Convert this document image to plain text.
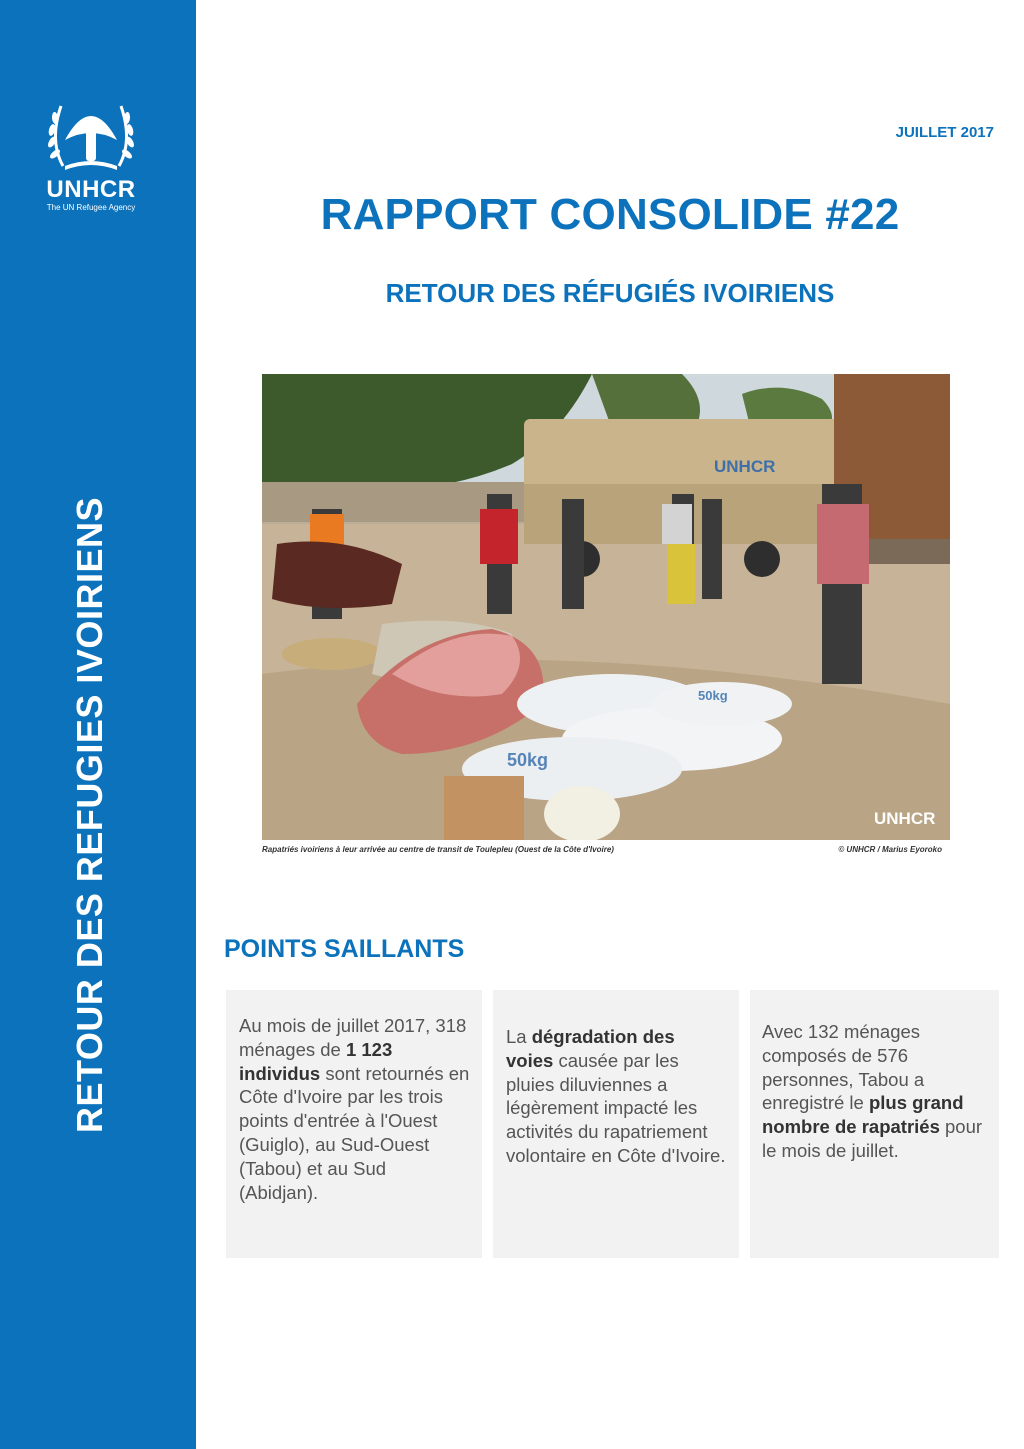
UNHCR
The UN Refugee Agency
RETOUR DES REFUGIES IVOIRIENS
JUILLET 2017
RAPPORT CONSOLIDE #22
RETOUR DES RÉFUGIÉS IVOIRIENS
UNHCR
50kg
50kg
UNHCR
Rapatriés ivoiriens à leur arrivée au centre de transit de Toulepleu (Ouest de la Côte d'Ivoire)	© UNHCR / Marius Eyoroko
POINTS SAILLANTS

Au mois de juillet 2017, 318 ménages de 1 123 individus sont retournés en Côte d'Ivoire par les trois points d'entrée à l'Ouest (Guiglo), au Sud-Ouest (Tabou) et au Sud (Abidjan).

La dégradation des voies causée par les pluies diluviennes a légèrement impacté les activités du rapatriement volontaire en Côte d'Ivoire.

Avec 132 ménages composés de 576 personnes, Tabou a enregistré le plus grand nombre de rapatriés pour le mois de juillet.
